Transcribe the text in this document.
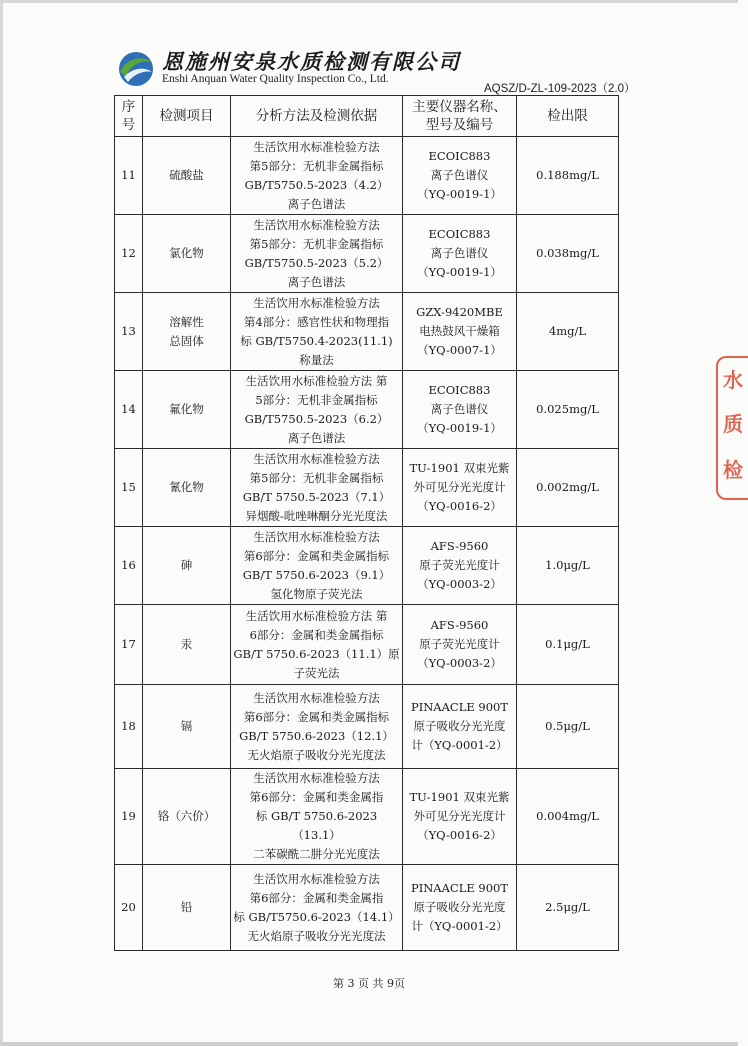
恩施州安泉水质检测有限公司
Enshi Anquan Water Quality Inspection Co., Ltd.
AQSZ/D-ZL-109-2023（2.0）
序
号	检测项目	分析方法及检测依据	主要仪器名称、
型号及编号	检出限
11	硫酸盐	生活饮用水标准检验方法
第5部分：无机非金属指标
GB/T5750.5-2023（4.2）
离子色谱法	ECOIC883
离子色谱仪
（YQ-0019-1）	0.188mg/L
12	氯化物	生活饮用水标准检验方法
第5部分：无机非金属指标
GB/T5750.5-2023（5.2）
离子色谱法	ECOIC883
离子色谱仪
（YQ-0019-1）	0.038mg/L
13	溶解性
总固体	生活饮用水标准检验方法
第4部分：感官性状和物理指
标 GB/T5750.4-2023(11.1)
称量法	GZX-9420MBE
电热鼓风干燥箱
（YQ-0007-1）	4mg/L
14	氟化物	生活饮用水标准检验方法 第
5部分：无机非金属指标
GB/T5750.5-2023（6.2）
离子色谱法	ECOIC883
离子色谱仪
（YQ-0019-1）	0.025mg/L
15	氰化物	生活饮用水标准检验方法
第5部分：无机非金属指标
GB/T 5750.5-2023（7.1）
异烟酸-吡唑啉酮分光光度法	TU-1901 双束光紫
外可见分光光度计
（YQ-0016-2）	0.002mg/L
16	砷	生活饮用水标准检验方法
第6部分：金属和类金属指标
GB/T 5750.6-2023（9.1）
氢化物原子荧光法	AFS-9560
原子荧光光度计
（YQ-0003-2）	1.0μg/L
17	汞	生活饮用水标准检验方法 第
6部分：金属和类金属指标
GB/T 5750.6-2023（11.1）原
子荧光法	AFS-9560
原子荧光光度计
（YQ-0003-2）	0.1μg/L
18	镉	生活饮用水标准检验方法
第6部分：金属和类金属指标
GB/T 5750.6-2023（12.1）
无火焰原子吸收分光光度法	PINAACLE 900T
原子吸收分光光度
计（YQ-0001-2）	0.5μg/L
19	铬（六价）	生活饮用水标准检验方法
第6部分：金属和类金属指
标 GB/T 5750.6-2023（13.1）
二苯碳酰二肼分光光度法	TU-1901 双束光紫
外可见分光光度计
（YQ-0016-2）	0.004mg/L
20	铅	生活饮用水标准检验方法
第6部分：金属和类金属指
标 GB/T5750.6-2023（14.1）
无火焰原子吸收分光光度法	PINAACLE 900T
原子吸收分光光度
计（YQ-0001-2）	2.5μg/L
第 3 页 共 9页
水
质
检
